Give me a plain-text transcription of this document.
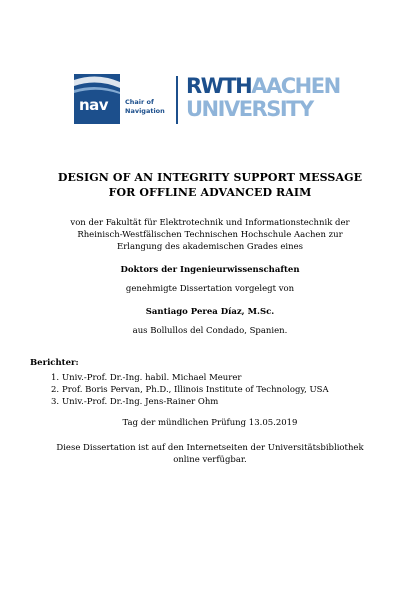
nav	Chair of
Navigation
RWTHAACHEN
UNIVERSITY
DESIGN OF AN INTEGRITY SUPPORT MESSAGE
FOR OFFLINE ADVANCED RAIM
von der Fakultät für Elektrotechnik und Informationstechnik der
Rheinisch-Westfälischen Technischen Hochschule Aachen zur
Erlangung des akademischen Grades eines
Doktors der Ingenieurwissenschaften
genehmigte Dissertation vorgelegt von
Santiago Perea Díaz, M.Sc.
aus Bollullos del Condado, Spanien.
Berichter:
1. Univ.-Prof. Dr.-Ing. habil. Michael Meurer
2. Prof. Boris Pervan, Ph.D., Illinois Institute of Technology, USA
3. Univ.-Prof. Dr.-Ing. Jens-Rainer Ohm
Tag der mündlichen Prüfung 13.05.2019
Diese Dissertation ist auf den Internetseiten der Universitätsbibliothek
online verfügbar.
